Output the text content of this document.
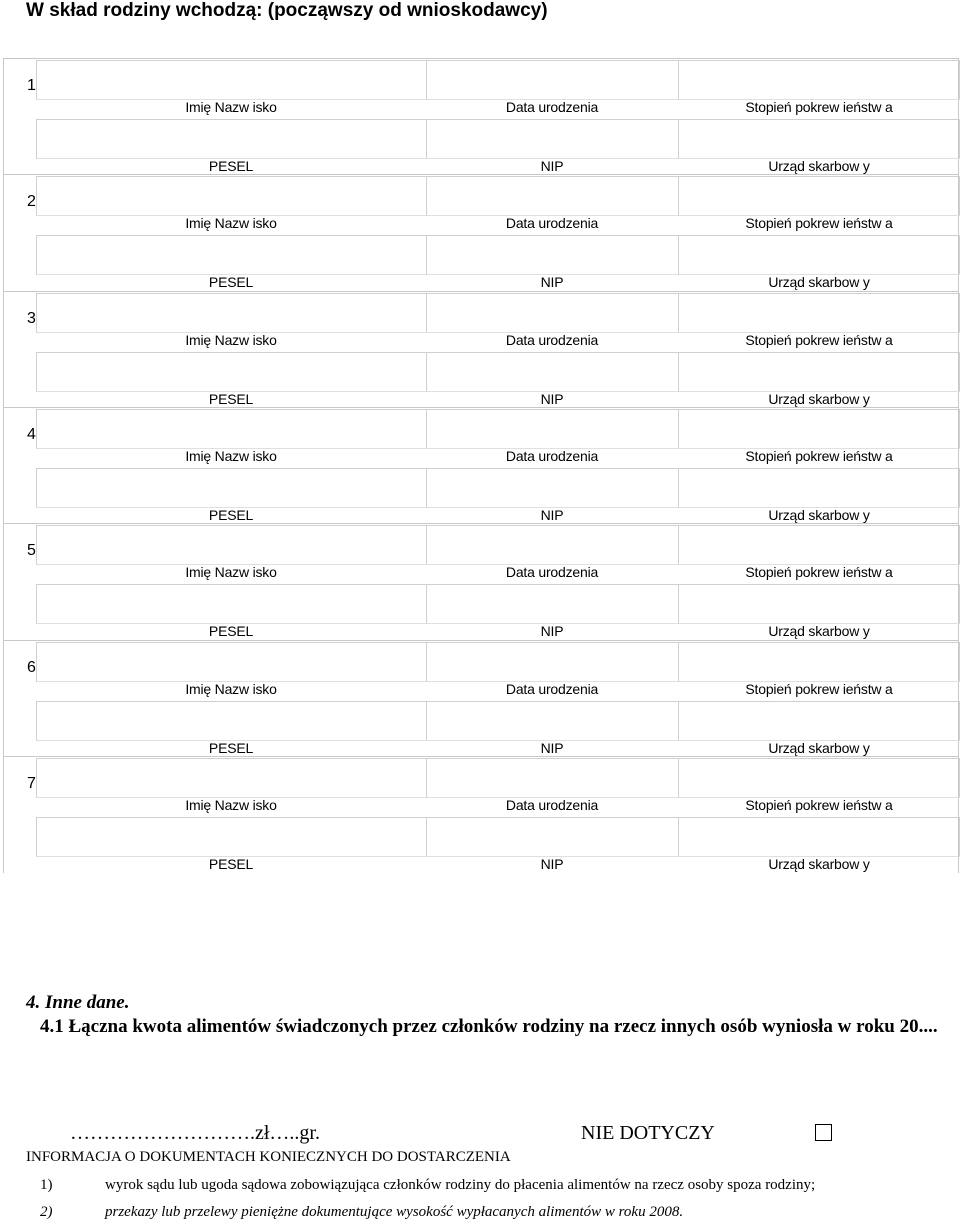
W skład rodziny wchodzą: (począwszy od wnioskodawcy)
1
Imię Nazw isko	Data urodzenia	Stopień pokrew ieństw a
PESEL	NIP	Urząd skarbow y
2
Imię Nazw isko	Data urodzenia	Stopień pokrew ieństw a
PESEL	NIP	Urząd skarbow y
3
Imię Nazw isko	Data urodzenia	Stopień pokrew ieństw a
PESEL	NIP	Urząd skarbow y
4
Imię Nazw isko	Data urodzenia	Stopień pokrew ieństw a
PESEL	NIP	Urząd skarbow y
5
Imię Nazw isko	Data urodzenia	Stopień pokrew ieństw a
PESEL	NIP	Urząd skarbow y
6
Imię Nazw isko	Data urodzenia	Stopień pokrew ieństw a
PESEL	NIP	Urząd skarbow y
7
Imię Nazw isko	Data urodzenia	Stopień pokrew ieństw a
PESEL	NIP	Urząd skarbow y
4. Inne dane.
4.1 Łączna kwota alimentów świadczonych przez członków rodziny na rzecz innych osób wyniosła w roku 20....
……………………….zł…..gr.	NIE DOTYCZY
INFORMACJA O DOKUMENTACH KONIECZNYCH DO DOSTARCZENIA
1)	wyrok sądu lub ugoda sądowa zobowiązująca członków rodziny do płacenia alimentów na rzecz osoby spoza rodziny;
2)	przekazy lub przelewy pieniężne dokumentujące wysokość wypłacanych alimentów w roku 2008.
